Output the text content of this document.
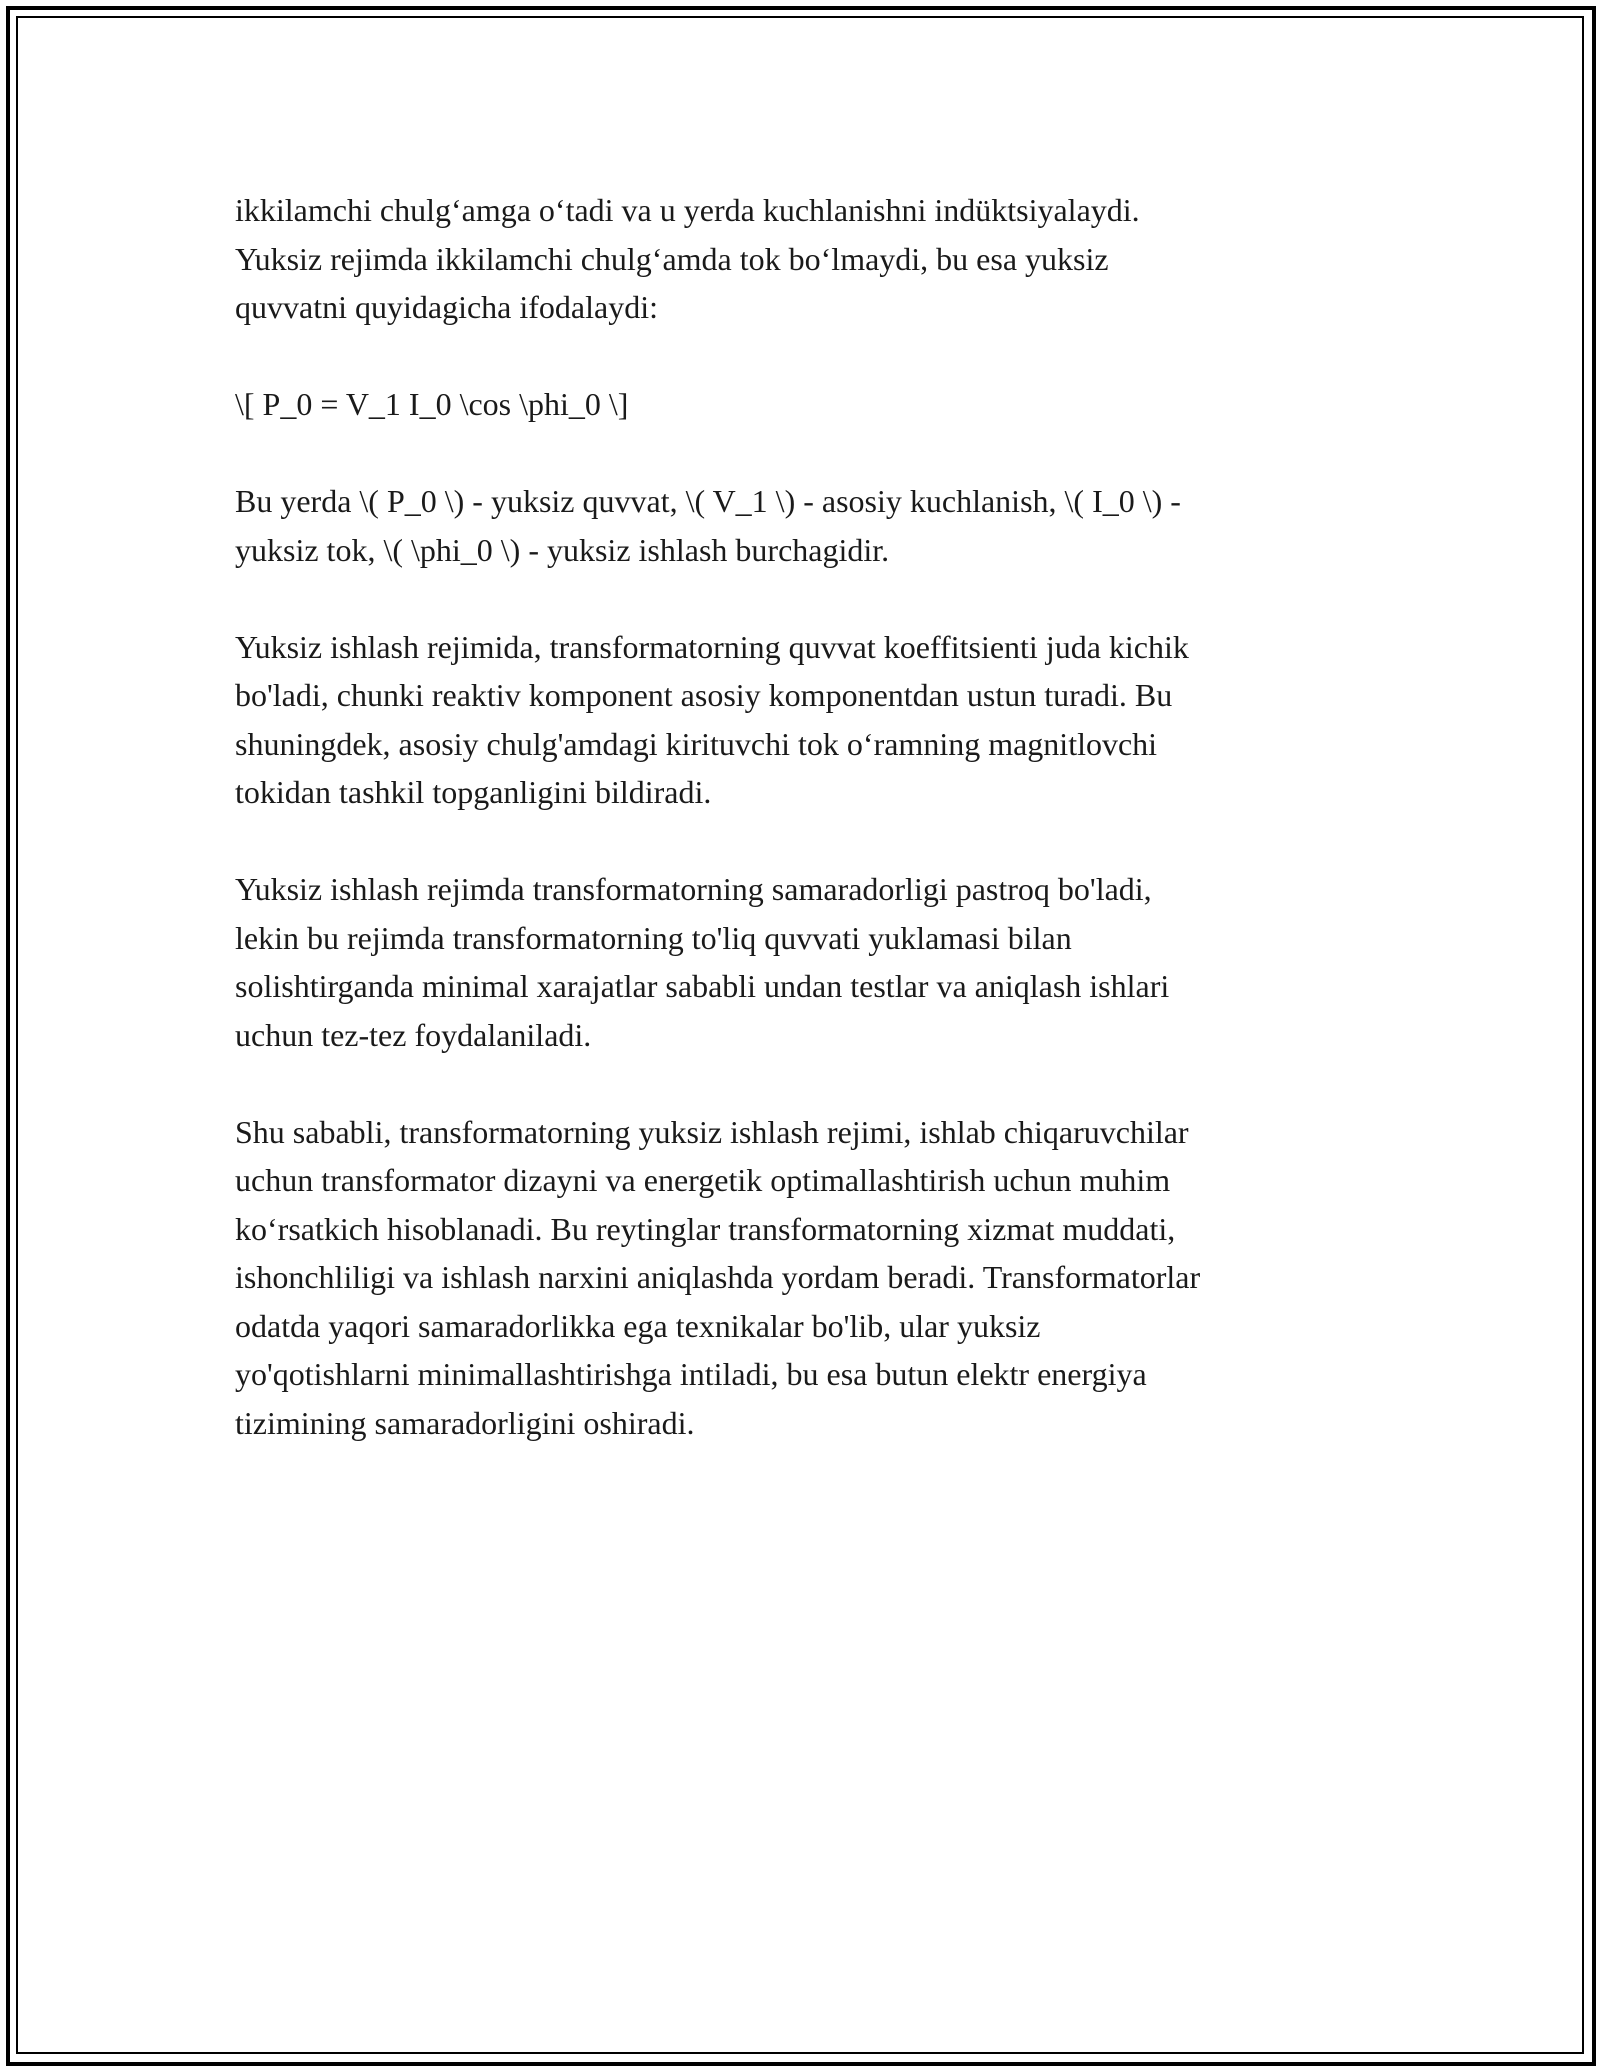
ikkilamchi chulg‘amga o‘tadi va u yerda kuchlanishni indüktsiyalaydi.
Yuksiz rejimda ikkilamchi chulg‘amda tok bo‘lmaydi, bu esa yuksiz
quvvatni quyidagicha ifodalaydi:

\[ P_0 = V_1 I_0 \cos \phi_0 \]

Bu yerda \( P_0 \) - yuksiz quvvat, \( V_1 \) - asosiy kuchlanish, \( I_0 \) -
yuksiz tok, \( \phi_0 \) - yuksiz ishlash burchagidir.

Yuksiz ishlash rejimida, transformatorning quvvat koeffitsienti juda kichik
bo'ladi, chunki reaktiv komponent asosiy komponentdan ustun turadi. Bu
shuningdek, asosiy chulg'amdagi kirituvchi tok o‘ramning magnitlovchi
tokidan tashkil topganligini bildiradi.

Yuksiz ishlash rejimda transformatorning samaradorligi pastroq bo'ladi,
lekin bu rejimda transformatorning to'liq quvvati yuklamasi bilan
solishtirganda minimal xarajatlar sababli undan testlar va aniqlash ishlari
uchun tez-tez foydalaniladi.

Shu sababli, transformatorning yuksiz ishlash rejimi, ishlab chiqaruvchilar
uchun transformator dizayni va energetik optimallashtirish uchun muhim
ko‘rsatkich hisoblanadi. Bu reytinglar transformatorning xizmat muddati,
ishonchliligi va ishlash narxini aniqlashda yordam beradi. Transformatorlar
odatda yaqori samaradorlikka ega texnikalar bo'lib, ular yuksiz
yo'qotishlarni minimallashtirishga intiladi, bu esa butun elektr energiya
tizimining samaradorligini oshiradi.
